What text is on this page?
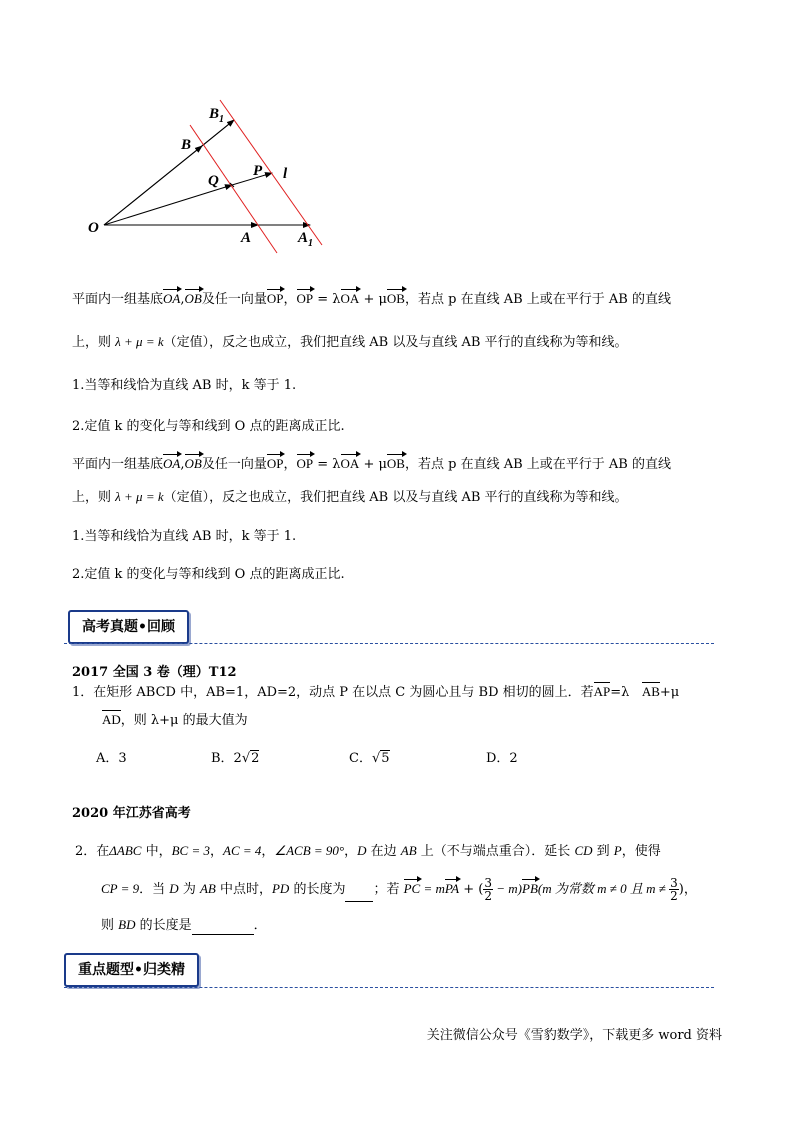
O
A	$A_1$
B
$B_1$
P
Q	l
平面内一组基底OA,OB及任一向量OP，OP = λOA + μOB，若点 p 在直线 AB 上或在平行于 AB 的直线
上，则 λ + μ = k（定值），反之也成立，我们把直线 AB 以及与直线 AB 平行的直线称为等和线。
1.当等和线恰为直线 AB 时，k 等于 1.
2.定值 k 的变化与等和线到 O 点的距离成正比.
平面内一组基底OA,OB及任一向量OP，OP = λOA + μOB，若点 p 在直线 AB 上或在平行于 AB 的直线
上，则 λ + μ = k（定值），反之也成立，我们把直线 AB 以及与直线 AB 平行的直线称为等和线。
1.当等和线恰为直线 AB 时，k 等于 1.
2.定值 k 的变化与等和线到 O 点的距离成正比.
高考真题•回顾
2017 全国 3 卷（理）T12
1．在矩形 ABCD 中，AB=1，AD=2，动点 P 在以点 C 为圆心且与 BD 相切的圆上．若AP=λ AB+μ
AD，则 λ+μ 的最大值为
A．3	B．2√2	C．√5	D．2
2020 年江苏省高考
2．在ΔABC 中，BC = 3，AC = 4，∠ACB = 90°，D 在边 AB 上（不与端点重合）．延长 CD 到 P，使得
CP = 9．当 D 为 AB 中点时，PD 的长度为 ；若 PC = mPA + ( $\frac{3}{2} - m)PB(m$ 为常数 m ≠ 0 且 $m \ne \frac{3}{2}$ )，
则 BD 的长度是	．
重点题型•归类精
关注微信公众号《雪豹数学》，下载更多 word 资料
